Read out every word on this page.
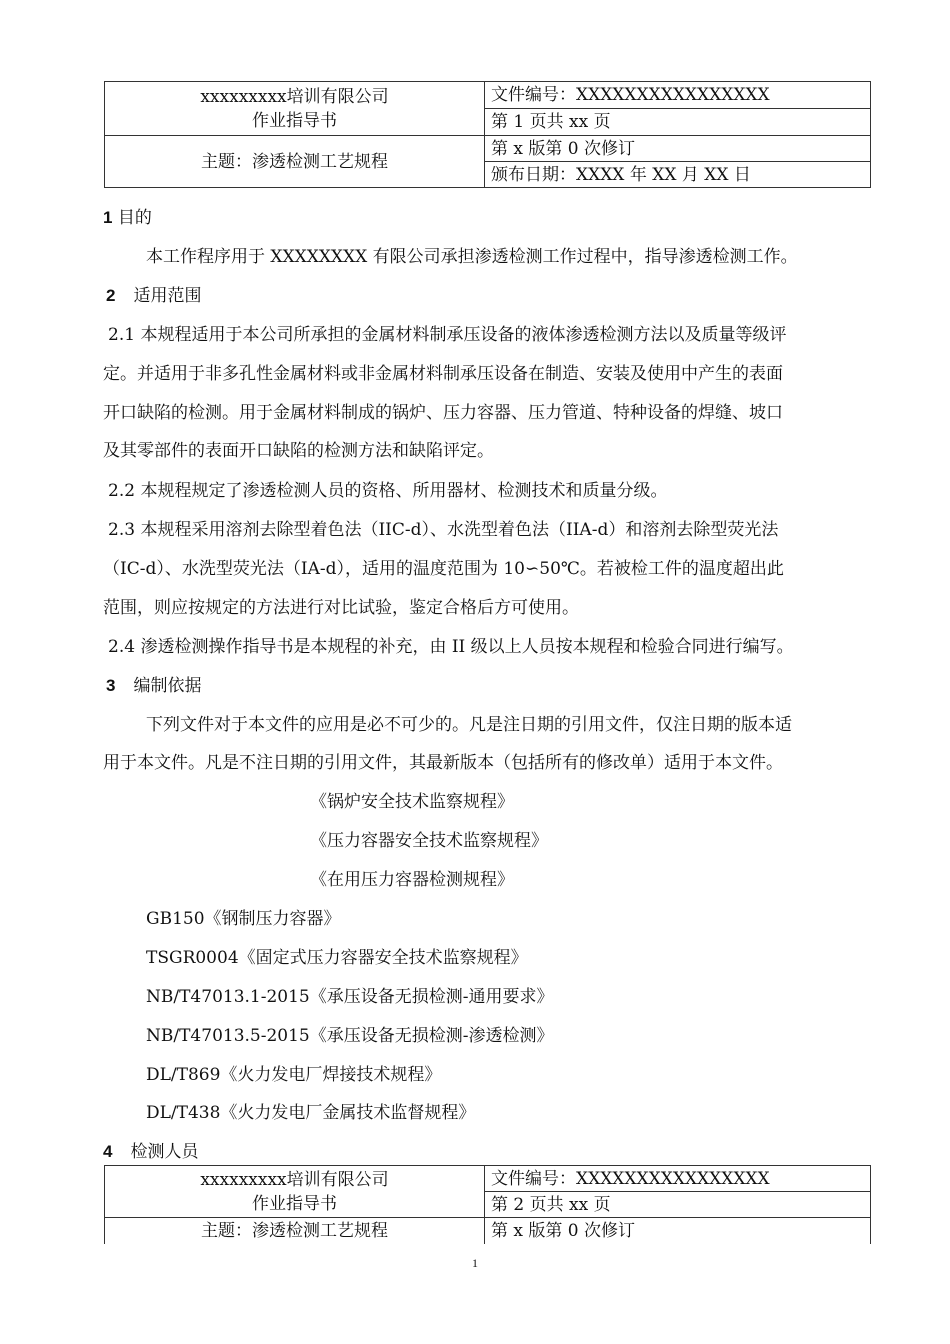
xxxxxxxxx培训有限公司
作业指导书	文件编号：XXXXXXXXXXXXXXXX
	第 1 页共 xx 页
主题：渗透检测工艺规程	第 x 版第 0 次修订
	颁布日期：XXXX 年 XX 月 XX 日
1 目的
本工作程序用于 XXXXXXXX 有限公司承担渗透检测工作过程中，指导渗透检测工作。
2 适用范围
2.1 本规程适用于本公司所承担的金属材料制承压设备的液体渗透检测方法以及质量等级评
定。并适用于非多孔性金属材料或非金属材料制承压设备在制造、安装及使用中产生的表面
开口缺陷的检测。用于金属材料制成的锅炉、压力容器、压力管道、特种设备的焊缝、坡口
及其零部件的表面开口缺陷的检测方法和缺陷评定。
2.2 本规程规定了渗透检测人员的资格、所用器材、检测技术和质量分级。
2.3 本规程采用溶剂去除型着色法（IIC-d）、水洗型着色法（IIA-d）和溶剂去除型荧光法
（IC-d）、水洗型荧光法（IA-d），适用的温度范围为 10∽50℃。若被检工件的温度超出此
范围，则应按规定的方法进行对比试验，鉴定合格后方可使用。
2.4 渗透检测操作指导书是本规程的补充，由 II 级以上人员按本规程和检验合同进行编写。
3 编制依据
下列文件对于本文件的应用是必不可少的。凡是注日期的引用文件，仅注日期的版本适
用于本文件。凡是不注日期的引用文件，其最新版本（包括所有的修改单）适用于本文件。
《锅炉安全技术监察规程》
《压力容器安全技术监察规程》
《在用压力容器检测规程》
GB150《钢制压力容器》
TSGR0004《固定式压力容器安全技术监察规程》
NB/T47013.1-2015《承压设备无损检测-通用要求》
NB/T47013.5-2015《承压设备无损检测-渗透检测》
DL/T869《火力发电厂焊接技术规程》
DL/T438《火力发电厂金属技术监督规程》
4 检测人员
xxxxxxxxx培训有限公司
作业指导书	文件编号：XXXXXXXXXXXXXXXX
	第 2 页共 xx 页
主题：渗透检测工艺规程	第 x 版第 0 次修订
1
